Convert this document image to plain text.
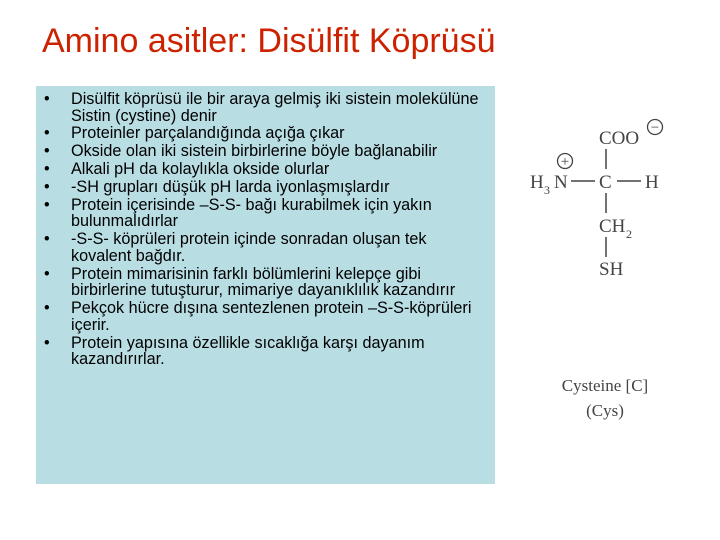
Amino asitler: Disülfit Köprüsü
• Disülfit köprüsü ile bir araya gelmiş iki sistein molekülüne Sistin (cystine) denir
• Proteinler parçalandığında açığa çıkar
• Okside olan iki sistein birbirlerine böyle bağlanabilir
• Alkali pH da kolaylıkla okside olurlar
• -SH grupları düşük pH larda iyonlaşmışlardır
• Protein içerisinde –S-S- bağı kurabilmek için yakın bulunmalıdırlar
• -S-S- köprüleri protein içinde sonradan oluşan tek kovalent bağdır.
• Protein mimarisinin farklı bölümlerini kelepçe gibi birbirlerine tutuşturur, mimariye dayanıklılık kazandırır
• Pekçok hücre dışına sentezlenen protein –S-S-köprüleri içerir.
• Protein yapısına özellikle sıcaklığa karşı dayanım kazandırırlar.
COO −
+
H 3 N C H
CH 2
SH
Cysteine [C]
(Cys)
